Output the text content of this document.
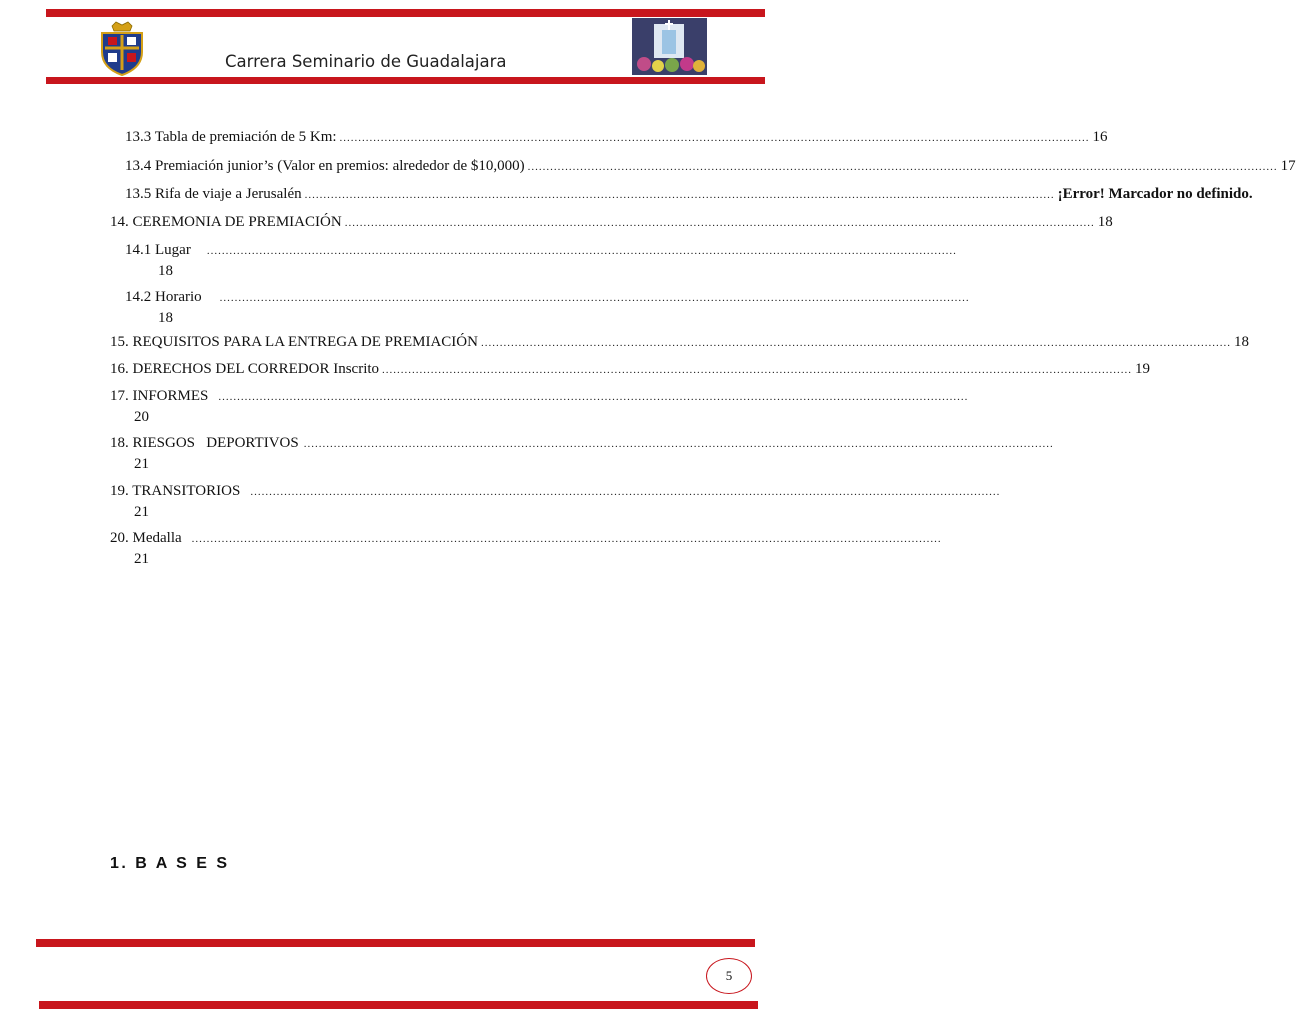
Carrera Seminario de Guadalajara
13.3 Tabla de premiación de 5 Km: ........................................................................................................................................................................................................ 16
13.4 Premiación junior’s (Valor en premios: alrededor de $10,000) ........................................................................................................................................................................................................ 17
13.5 Rifa de viaje a Jerusalén ........................................................................................................................................................................................................ ¡Error! Marcador no definido.
14. CEREMONIA DE PREMIACIÓN ........................................................................................................................................................................................................ 18
14.1 Lugar ........................................................................................................................................................................................................
18
14.2 Horario ........................................................................................................................................................................................................
18
15. REQUISITOS PARA LA ENTREGA DE PREMIACIÓN ........................................................................................................................................................................................................ 18
16. DERECHOS DEL CORREDOR Inscrito ........................................................................................................................................................................................................ 19
17. INFORMES ........................................................................................................................................................................................................
20
18. RIESGOS   DEPORTIVOS ........................................................................................................................................................................................................
21
19. TRANSITORIOS ........................................................................................................................................................................................................
21
20. Medalla ........................................................................................................................................................................................................
21
1. B A S E S
5
